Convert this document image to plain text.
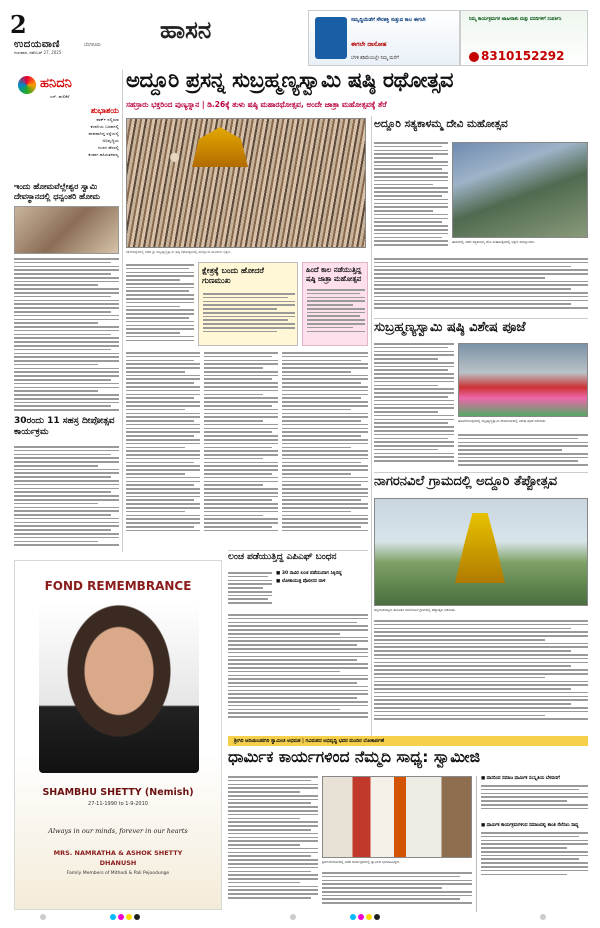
2
ಉದಯವಾಣಿ	ಬೆಂಗಳೂರು
ಗುರುವಾರ, ನವೆಂಬರ್ 27, 2025
ಹಾಸನ	ಸಮೃದ್ಧಿಯೆಡೆಗೆ ಸೌರಶಕ್ತಿ ಸುತ್ತುವ ಕಾಲ ಈಗಲೇ
ಈಗಲೇ ದಾಸೋಹ
ಬೆಳಕ ಕಡಿಮೆಯಲ್ಲೇ ನಿಮ್ಮ ಮನೆಗೆ
ನಿಮ್ಮ ಕಾರ್ಯಕ್ರಮಗಳ ಜಾಹೀರಾತು ಮತ್ತು ವರದಿಗಳಿಗೆ ಸಂಪರ್ಕಿಸಿ
8310152292
ಹನಿದನಿ
ಎನ್. ಹುಲಿಕೆರೆ
ಶುಭಾಶಯ
ಪಾರ್ಕ್ ನಲ್ಲಿರುವ
ಕಂಪನಿಯ ಬರಹದಲ್ಲಿ
ಪಾಪವಾಗಿದ್ದ ರಸ್ತೆಯಲ್ಲಿ
ಅಭಿವೃದ್ಧಿಯ
ಗುಣದ ಹೆಸರಲ್ಲಿ
ಕಂಡಾಗ ಹಸಿರುತನವಲ್ಲ
ಇಂದು ಹೋಮವೆಲ್ಲೇಶ್ವರ ಸ್ವಾಮಿ ದೇವಸ್ಥಾನದಲ್ಲಿ ಧನ್ವಂತರಿ ಹೋಮ
30ರಂದು 11 ಸಹಸ್ರ ದೀಪೋತ್ಸವ ಕಾರ್ಯಕ್ರಮ
ಅದ್ದೂರಿ ಪ್ರಸನ್ನ ಸುಬ್ರಹ್ಮಣ್ಯಸ್ವಾಮಿ ಷಷ್ಠಿ ರಥೋತ್ಸವ
ಸಹಸ್ರಾರು ಭಕ್ತರಿಂದ ಪುಣ್ಯಸ್ನಾನ | ಡಿ.26ಕ್ಕೆ ತುಳು ಷಷ್ಠಿ ಮಹಾರಥೋತ್ಸವ, ಅಂದೇ ಜಾತ್ರಾ ಮಹೋತ್ಸವಕ್ಕೆ ತೆರೆ
ಸಕಲೇಶಪುರದಲ್ಲಿ ನಡೆದ ಶ್ರೀ ಸುಬ್ರಹ್ಮಣ್ಯಸ್ವಾಮಿ ಷಷ್ಠಿ ರಥೋತ್ಸವದಲ್ಲಿ ಪಾಲ್ಗೊಂಡ ಸಾವಿರಾರು ಭಕ್ತರು.
ಕ್ಷೇತ್ರಕ್ಕೆ ಬಂದು ಹೋದರೆ ಗುಣಮುಖ
ಹಿಂದೆ ಕಾಲ ನಡೆಯುತ್ತಿದ್ದ ಷಷ್ಠಿ ಜಾತ್ರಾ ಮಹೋತ್ಸವ
ಅದ್ದೂರಿ ಸತ್ಯಕಾಳಮ್ಮ ದೇವಿ ಮಹೋತ್ಸವ
ಹಾಸನದಲ್ಲಿ ನಡೆದ ಸತ್ಯಕಾಳಮ್ಮ ದೇವಿ ಮಹೋತ್ಸವದಲ್ಲಿ ಭಕ್ತರು ಪಾಲ್ಗೊಂಡರು.
ಸುಬ್ರಹ್ಮಣ್ಯಸ್ವಾಮಿ ಷಷ್ಠಿ ವಿಶೇಷ ಪೂಜೆ
ಹೊಳೆನರಸೀಪುರದಲ್ಲಿ ಸುಬ್ರಹ್ಮಣ್ಯಸ್ವಾಮಿ ದೇವಾಲಯದಲ್ಲಿ ವಿಶೇಷ ಪೂಜೆ ನಡೆಯಿತು.
ನಾಗರನವಿಲೆ ಗ್ರಾಮದಲ್ಲಿ ಅದ್ದೂರಿ ತೆಪ್ಪೋತ್ಸವ
ಚನ್ನರಾಯಪಟ್ಟಣ ತಾಲೂಕಿನ ನಾಗರನವಿಲೆ ಗ್ರಾಮದಲ್ಲಿ ತೆಪ್ಪೋತ್ಸವ ನಡೆಯಿತು.
ಲಂಚ ಪಡೆಯುತ್ತಿದ್ದ ಎಪಿಎಫ್ ಬಂಧನ
■ 30 ಸಾವಿರ ಲಂಚ ಪಡೆಯುವಾಗ ಸಿಕ್ಕಿಬಿದ್ದ
■ ಲೋಕಾಯುಕ್ತ ಪೊಲೀಸರ ದಾಳಿ
FOND REMEMBRANCE
SHAMBHU SHETTY (Nemish)
27-11-1990 to 1-9-2010
Always in our minds, forever in our hearts
MRS. NAMRATHA & ASHOK SHETTY
DHANUSH
Family Members of Mithodi & Pali Pejoodunge
ಶ್ರೀಗಿರಿ ಆದಿಚುಂಚನಗಿರಿ ಸ್ವಾಮೀಜಿ ಅಭಿಮತ | ಗವಿಮಠದ ಅಭಿವೃದ್ಧಿ ಭವನ ಮಂದಿರ ಲೋಕಾರ್ಪಣೆ
ಧಾರ್ಮಿಕ ಕಾರ್ಯಗಳಿಂದ ನೆಮ್ಮದಿ ಸಾಧ್ಯ: ಸ್ವಾಮೀಜಿ
ಶ್ರವಣಬೆಳಗೊಳದಲ್ಲಿ ನಡೆದ ಕಾರ್ಯಕ್ರಮದಲ್ಲಿ ಸ್ವಾಮೀಜಿ ಭಾಗವಹಿಸಿದ್ದರು.
■ ದಾಸರಿಂದ ಸಮಾಜ ಧಾರ್ಮಿಕ ಸಂಸ್ಕೃತಿಯ ಬೆಳವಣಿಗೆ
■ ಧಾರ್ಮಿಕ ಕಾರ್ಯಕ್ರಮಗಳಿಂದ ಸಮಾಜದಲ್ಲಿ ಶಾಂತಿ ನೆಲೆಸಲು ಸಾಧ್ಯ
